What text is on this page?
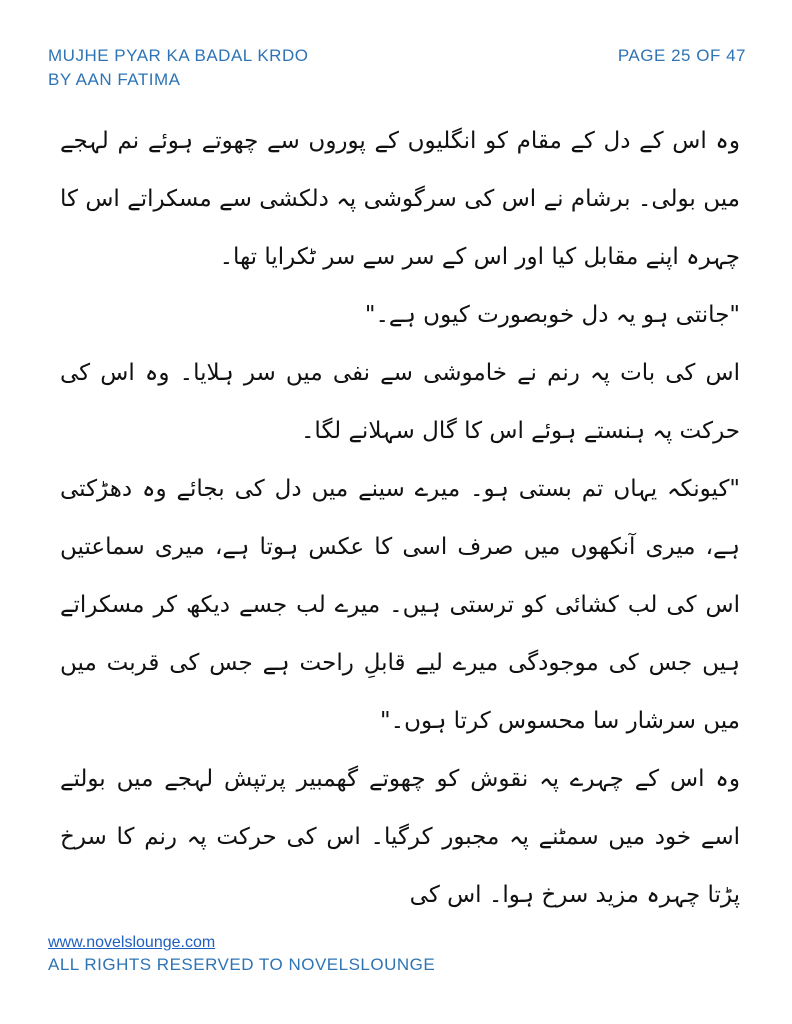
MUJHE PYAR KA BADAL KRDO
BY AAN FATIMA
PAGE 25 OF 47

وہ اس کے دل کے مقام کو انگلیوں کے پوروں سے چھوتے ہوئے نم لہجے میں بولی۔ برشام نے اس کی سرگوشی پہ دلکشی سے مسکراتے اس کا چہرہ اپنے مقابل کیا اور اس کے سر سے سر ٹکرایا تھا۔

"جانتی ہو یہ دل خوبصورت کیوں ہے۔"

اس کی بات پہ رنم نے خاموشی سے نفی میں سر ہلایا۔ وہ اس کی حرکت پہ ہنستے ہوئے اس کا گال سہلانے لگا۔

"کیونکہ یہاں تم بستی ہو۔ میرے سینے میں دل کی بجائے وہ دھڑکتی ہے، میری آنکھوں میں صرف اسی کا عکس ہوتا ہے، میری سماعتیں اس کی لب کشائی کو ترستی ہیں۔ میرے لب جسے دیکھ کر مسکراتے ہیں جس کی موجودگی میرے لیے قابلِ راحت ہے جس کی قربت میں میں سرشار سا محسوس کرتا ہوں۔"

وہ اس کے چہرے پہ نقوش کو چھوتے گھمبیر پرتپش لہجے میں بولتے اسے خود میں سمٹنے پہ مجبور کرگیا۔ اس کی حرکت پہ رنم کا سرخ پڑتا چہرہ مزید سرخ ہوا۔ اس کی

www.novelslounge.com
ALL RIGHTS RESERVED TO NOVELSLOUNGE
